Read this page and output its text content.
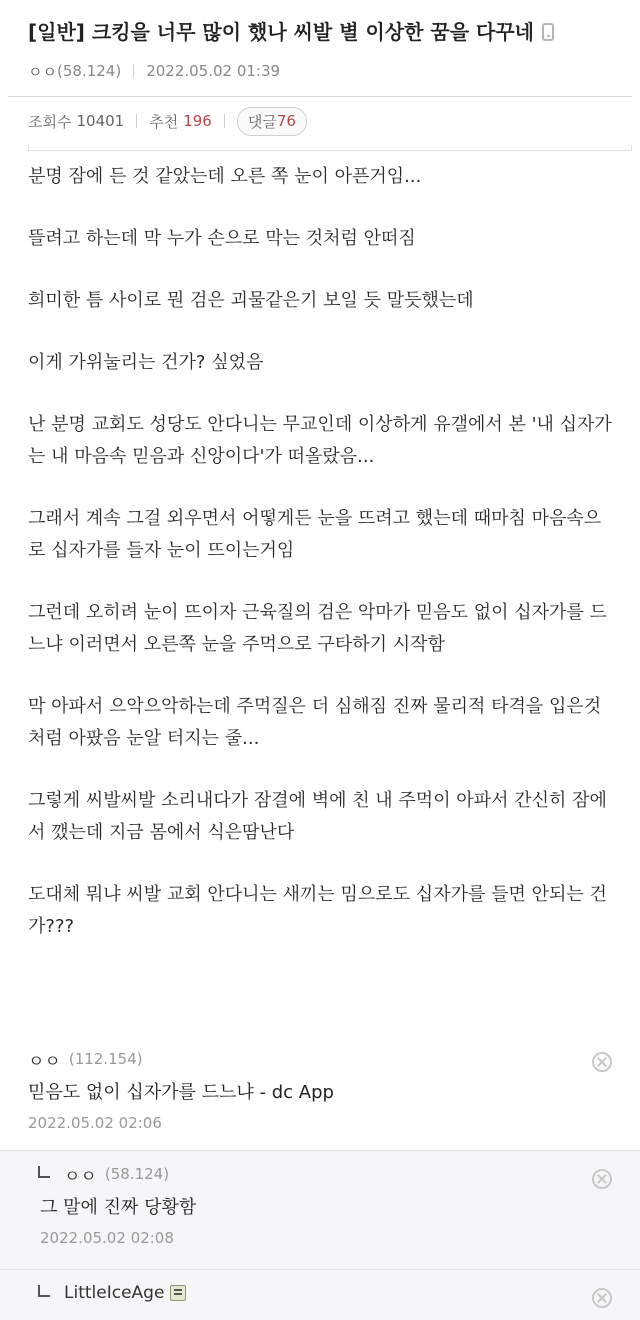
[일반] 크킹을 너무 많이 했나 씨발 별 이상한 꿈을 다꾸네
ㅇㅇ (58.124) 2022.05.02 01:39
조회수 10401 추천 196 댓글 76

분명 잠에 든 것 같았는데 오른 쪽 눈이 아픈거임...

뜰려고 하는데 막 누가 손으로 막는 것처럼 안떠짐

희미한 틈 사이로 뭔 검은 괴물같은기 보일 듯 말듯했는데

이게 가위눌리는 건가? 싶었음

난 분명 교회도 성당도 안다니는 무교인데 이상하게 유갤에서 본 '내 십자가는 내 마음속 믿음과 신앙이다'가 떠올랐음...

그래서 계속 그걸 외우면서 어떻게든 눈을 뜨려고 했는데 때마침 마음속으로 십자가를 들자 눈이 뜨이는거임

그런데 오히려 눈이 뜨이자 근육질의 검은 악마가 믿음도 없이 십자가를 드느냐 이러면서 오른쪽 눈을 주먹으로 구타하기 시작함

막 아파서 으악으악하는데 주먹질은 더 심해짐 진짜 물리적 타격을 입은것처럼 아팠음 눈알 터지는 줄...

그렇게 씨발씨발 소리내다가 잠결에 벽에 친 내 주먹이 아파서 간신히 잠에서 깼는데 지금 몸에서 식은땀난다

도대체 뭐냐 씨발 교회 안다니는 새끼는 밈으로도 십자가를 들면 안되는 건가???

ㅇㅇ (112.154)
믿음도 없이 십자가를 드느냐 - dc App
2022.05.02 02:06
ㅇㅇ (58.124)
그 말에 진짜 당황함
2022.05.02 02:08
LittleIceAge
